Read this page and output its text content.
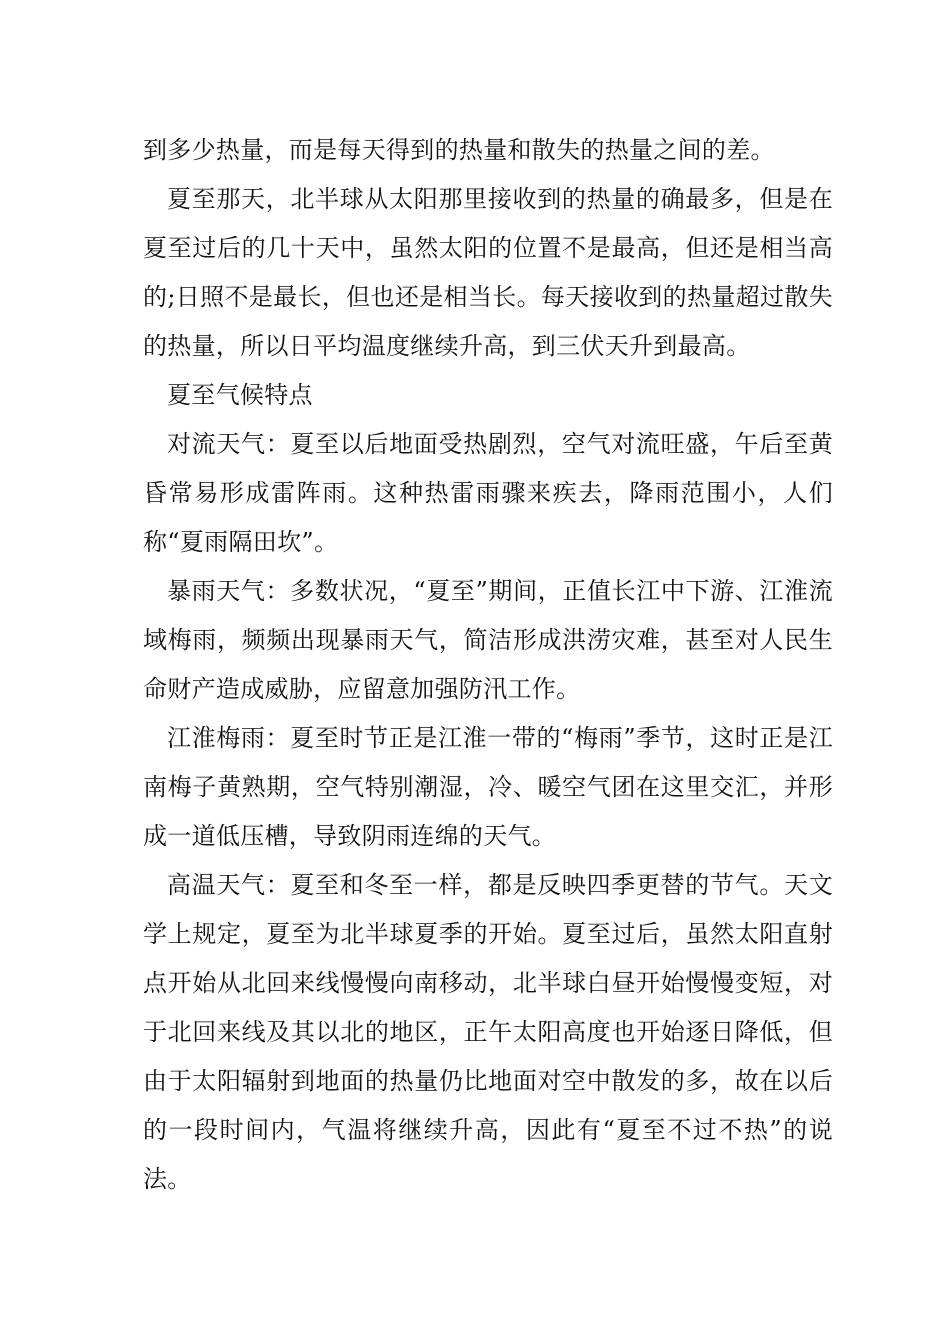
到多少热量，而是每天得到的热量和散失的热量之间的差。

夏至那天，北半球从太阳那里接收到的热量的确最多，但是在夏至过后的几十天中，虽然太阳的位置不是最高，但还是相当高的;日照不是最长，但也还是相当长。每天接收到的热量超过散失的热量，所以日平均温度继续升高，到三伏天升到最高。

夏至气候特点

对流天气：夏至以后地面受热剧烈，空气对流旺盛，午后至黄昏常易形成雷阵雨。这种热雷雨骤来疾去，降雨范围小，人们称“夏雨隔田坎”。

暴雨天气：多数状况，“夏至”期间，正值长江中下游、江淮流域梅雨，频频出现暴雨天气，简洁形成洪涝灾难，甚至对人民生命财产造成威胁，应留意加强防汛工作。

江淮梅雨：夏至时节正是江淮一带的“梅雨”季节，这时正是江南梅子黄熟期，空气特别潮湿，冷、暖空气团在这里交汇，并形成一道低压槽，导致阴雨连绵的天气。

高温天气：夏至和冬至一样，都是反映四季更替的节气。天文学上规定，夏至为北半球夏季的开始。夏至过后，虽然太阳直射点开始从北回来线慢慢向南移动，北半球白昼开始慢慢变短，对于北回来线及其以北的地区，正午太阳高度也开始逐日降低，但由于太阳辐射到地面的热量仍比地面对空中散发的多，故在以后的一段时间内，气温将继续升高，因此有“夏至不过不热”的说法。
